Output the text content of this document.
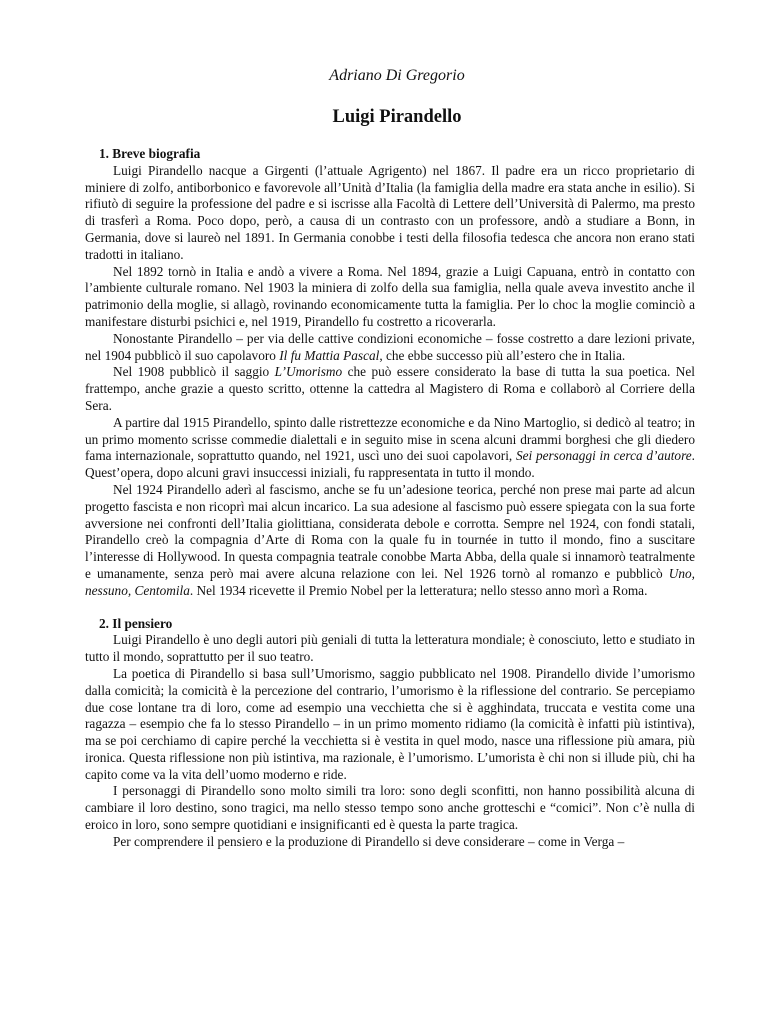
Adriano Di Gregorio

Luigi Pirandello
1. Breve biografia

Luigi Pirandello nacque a Girgenti (l’attuale Agrigento) nel 1867. Il padre era un ricco proprietario di miniere di zolfo, antiborbonico e favorevole all’Unità d’Italia (la famiglia della madre era stata anche in esilio). Si rifiutò di seguire la professione del padre e si iscrisse alla Facoltà di Lettere dell’Università di Palermo, ma presto di trasferì a Roma. Poco dopo, però, a causa di un contrasto con un professore, andò a studiare a Bonn, in Germania, dove si laureò nel 1891. In Germania conobbe i testi della filosofia tedesca che ancora non erano stati tradotti in italiano.

Nel 1892 tornò in Italia e andò a vivere a Roma. Nel 1894, grazie a Luigi Capuana, entrò in contatto con l’ambiente culturale romano. Nel 1903 la miniera di zolfo della sua famiglia, nella quale aveva investito anche il patrimonio della moglie, si allagò, rovinando economicamente tutta la famiglia. Per lo choc la moglie cominciò a manifestare disturbi psichici e, nel 1919, Pirandello fu costretto a ricoverarla.

Nonostante Pirandello – per via delle cattive condizioni economiche – fosse costretto a dare lezioni private, nel 1904 pubblicò il suo capolavoro Il fu Mattia Pascal, che ebbe successo più all’estero che in Italia.

Nel 1908 pubblicò il saggio L’Umorismo che può essere considerato la base di tutta la sua poetica. Nel frattempo, anche grazie a questo scritto, ottenne la cattedra al Magistero di Roma e collaborò al Corriere della Sera.

A partire dal 1915 Pirandello, spinto dalle ristrettezze economiche e da Nino Martoglio, si dedicò al teatro; in un primo momento scrisse commedie dialettali e in seguito mise in scena alcuni drammi borghesi che gli diedero fama internazionale, soprattutto quando, nel 1921, uscì uno dei suoi capolavori, Sei personaggi in cerca d’autore. Quest’opera, dopo alcuni gravi insuccessi iniziali, fu rappresentata in tutto il mondo.

Nel 1924 Pirandello aderì al fascismo, anche se fu un’adesione teorica, perché non prese mai parte ad alcun progetto fascista e non ricoprì mai alcun incarico. La sua adesione al fascismo può essere spiegata con la sua forte avversione nei confronti dell’Italia giolittiana, considerata debole e corrotta. Sempre nel 1924, con fondi statali, Pirandello creò la compagnia d’Arte di Roma con la quale fu in tournée in tutto il mondo, fino a suscitare l’interesse di Hollywood. In questa compagnia teatrale conobbe Marta Abba, della quale si innamorò teatralmente e umanamente, senza però mai avere alcuna relazione con lei. Nel 1926 tornò al romanzo e pubblicò Uno, nessuno, Centomila. Nel 1934 ricevette il Premio Nobel per la letteratura; nello stesso anno morì a Roma.

2. Il pensiero

Luigi Pirandello è uno degli autori più geniali di tutta la letteratura mondiale; è conosciuto, letto e studiato in tutto il mondo, soprattutto per il suo teatro.

La poetica di Pirandello si basa sull’Umorismo, saggio pubblicato nel 1908. Pirandello divide l’umorismo dalla comicità; la comicità è la percezione del contrario, l’umorismo è la riflessione del contrario. Se percepiamo due cose lontane tra di loro, come ad esempio una vecchietta che si è agghindata, truccata e vestita come una ragazza – esempio che fa lo stesso Pirandello – in un primo momento ridiamo (la comicità è infatti più istintiva), ma se poi cerchiamo di capire perché la vecchietta si è vestita in quel modo, nasce una riflessione più amara, più ironica. Questa riflessione non più istintiva, ma razionale, è l’umorismo. L’umorista è chi non si illude più, chi ha capito come va la vita dell’uomo moderno e ride.

I personaggi di Pirandello sono molto simili tra loro: sono degli sconfitti, non hanno possibilità alcuna di cambiare il loro destino, sono tragici, ma nello stesso tempo sono anche grotteschi e “comici”. Non c’è nulla di eroico in loro, sono sempre quotidiani e insignificanti ed è questa la parte tragica.

Per comprendere il pensiero e la produzione di Pirandello si deve considerare – come in Verga –
